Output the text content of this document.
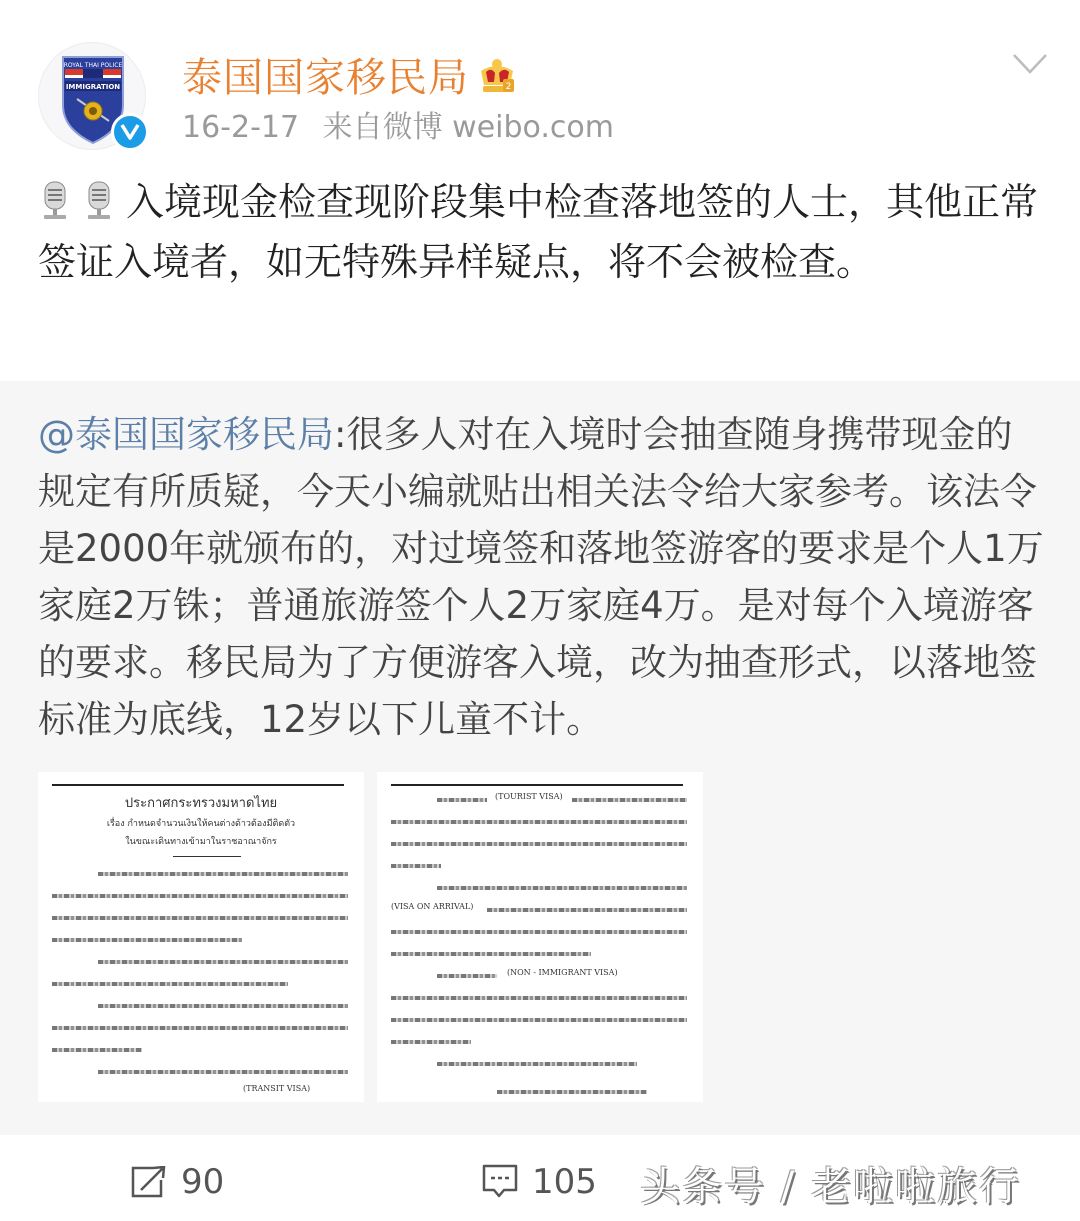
ROYAL THAI POLICE
IMMIGRATION 泰国国家移民局	2
16-2-17 来自微博 weibo.com
入境现金检查现阶段集中检查落地签的人士，其他正常签证入境者，如无特殊异样疑点，将不会被检查。
@泰国国家移民局:很多人对在入境时会抽查随身携带现金的规定有所质疑，今天小编就贴出相关法令给大家参考。该法令是2000年就颁布的，对过境签和落地签游客的要求是个人1万家庭2万铢；普通旅游签个人2万家庭4万。是对每个入境游客的要求。移民局为了方便游客入境，改为抽查形式，以落地签标准为底线，12岁以下儿童不计。
ประกาศกระทรวงมหาดไทย
เรื่อง กำหนดจำนวนเงินให้คนต่างด้าวต้องมีติดตัว
ในขณะเดินทางเข้ามาในราชอาณาจักร
(TRANSIT VISA)
(TOURIST VISA)
(VISA ON ARRIVAL)
(NON - IMMIGRANT VISA)
90	105 头条号 / 老啦啦旅行
